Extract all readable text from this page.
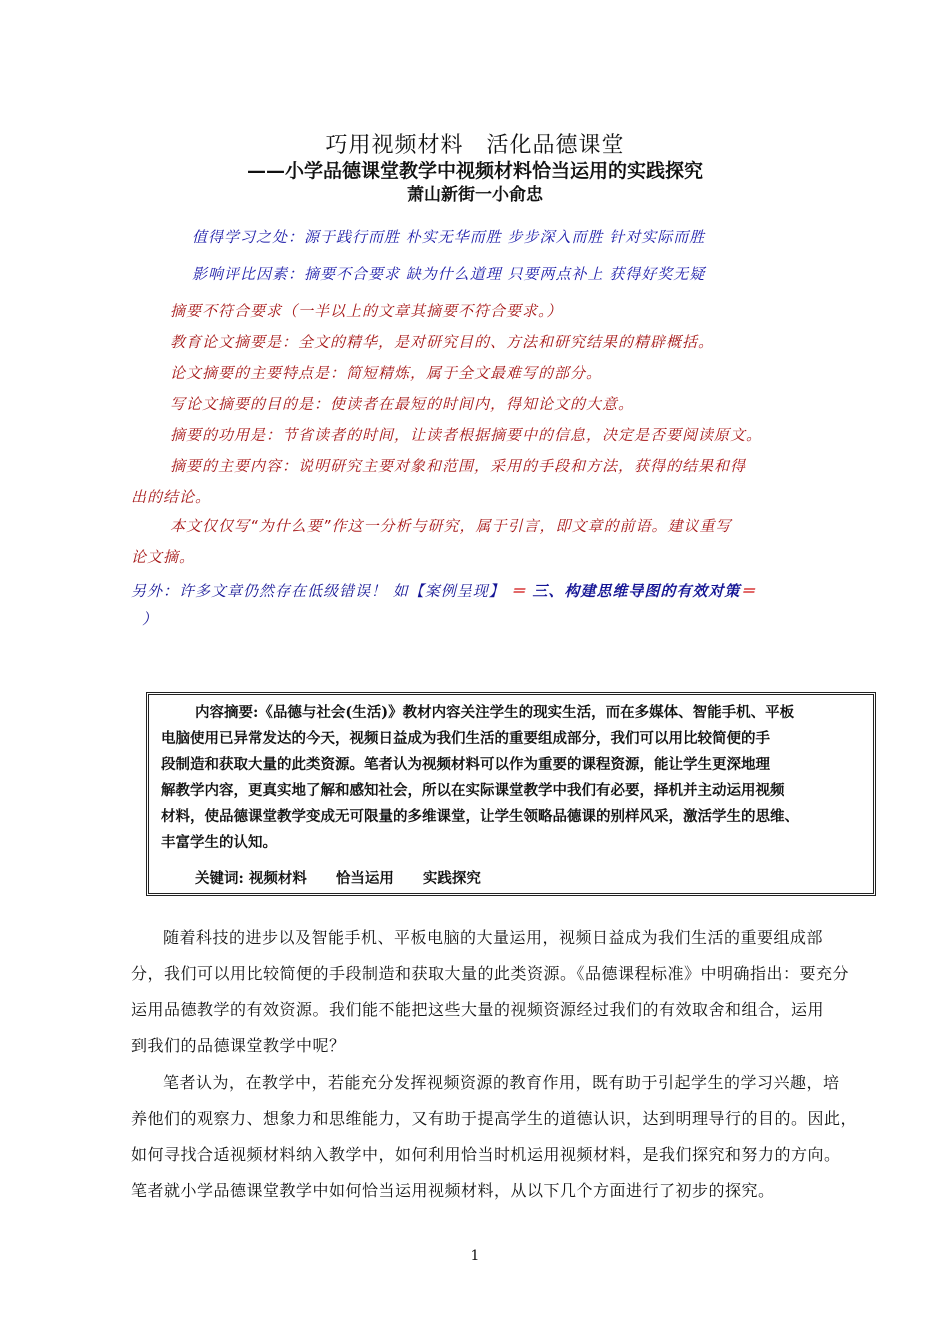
巧用视频材料　活化品德课堂
——小学品德课堂教学中视频材料恰当运用的实践探究
萧山新街一小俞忠
值得学习之处：源于践行而胜 朴实无华而胜 步步深入而胜 针对实际而胜
影响评比因素：摘要不合要求 缺为什么道理 只要两点补上 获得好奖无疑
摘要不符合要求（一半以上的文章其摘要不符合要求。）
教育论文摘要是：全文的精华，是对研究目的、方法和研究结果的精辟概括。
论文摘要的主要特点是：简短精炼，属于全文最难写的部分。
写论文摘要的目的是：使读者在最短的时间内，得知论文的大意。
摘要的功用是：节省读者的时间，让读者根据摘要中的信息，决定是否要阅读原文。
摘要的主要内容：说明研究主要对象和范围，采用的手段和方法，获得的结果和得
出的结论。
本文仅仅写“为什么要”作这一分析与研究，属于引言，即文章的前语。建议重写
论文摘。
另外：许多文章仍然存在低级错误！ 如【案例呈现】 ＝ 三、构建思维导图的有效对策＝
）
内容摘要:《品德与社会(生活)》教材内容关注学生的现实生活，而在多媒体、智能手机、平板
电脑使用已异常发达的今天，视频日益成为我们生活的重要组成部分，我们可以用比较简便的手
段制造和获取大量的此类资源。笔者认为视频材料可以作为重要的课程资源，能让学生更深地理
解教学内容，更真实地了解和感知社会，所以在实际课堂教学中我们有必要，择机并主动运用视频
材料，使品德课堂教学变成无可限量的多维课堂，让学生领略品德课的别样风采，激活学生的思维、
丰富学生的认知。
关键词: 视频材料　　恰当运用　　实践探究
随着科技的进步以及智能手机、平板电脑的大量运用，视频日益成为我们生活的重要组成部
分，我们可以用比较简便的手段制造和获取大量的此类资源。《品德课程标准》中明确指出：要充分
运用品德教学的有效资源。我们能不能把这些大量的视频资源经过我们的有效取舍和组合，运用
到我们的品德课堂教学中呢？
笔者认为，在教学中，若能充分发挥视频资源的教育作用，既有助于引起学生的学习兴趣，培
养他们的观察力、想象力和思维能力，又有助于提高学生的道德认识，达到明理导行的目的。因此，
如何寻找合适视频材料纳入教学中，如何利用恰当时机运用视频材料，是我们探究和努力的方向。
笔者就小学品德课堂教学中如何恰当运用视频材料，从以下几个方面进行了初步的探究。
1
